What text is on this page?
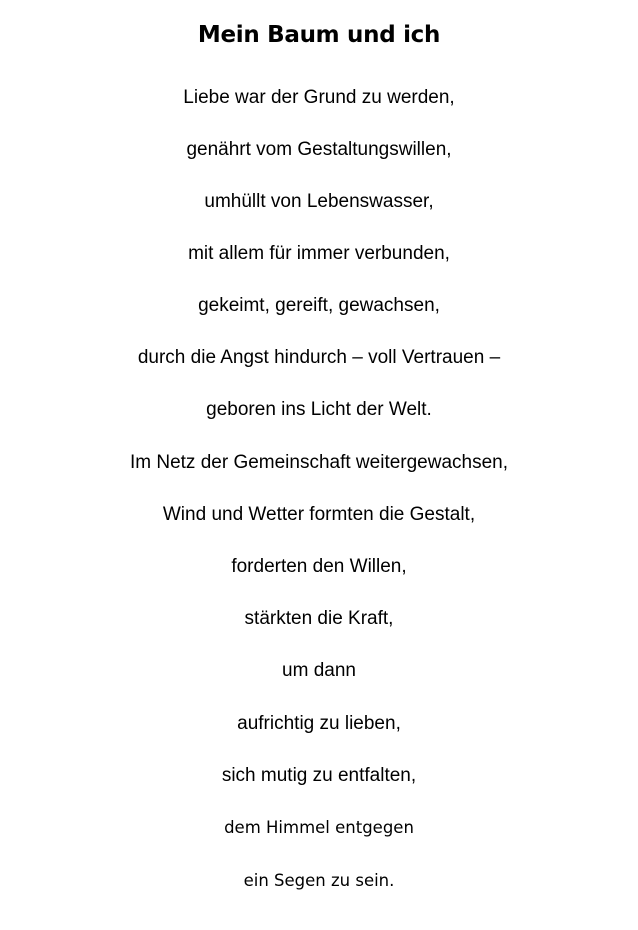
Mein Baum und ich
Liebe war der Grund zu werden,
genährt vom Gestaltungswillen,
umhüllt von Lebenswasser,
mit allem für immer verbunden,
gekeimt, gereift, gewachsen,
durch die Angst hindurch – voll Vertrauen –
geboren ins Licht der Welt.
Im Netz der Gemeinschaft weitergewachsen,
Wind und Wetter formten die Gestalt,
forderten den Willen,
stärkten die Kraft,
um dann
aufrichtig zu lieben,
sich mutig zu entfalten,
dem Himmel entgegen
ein Segen zu sein.
